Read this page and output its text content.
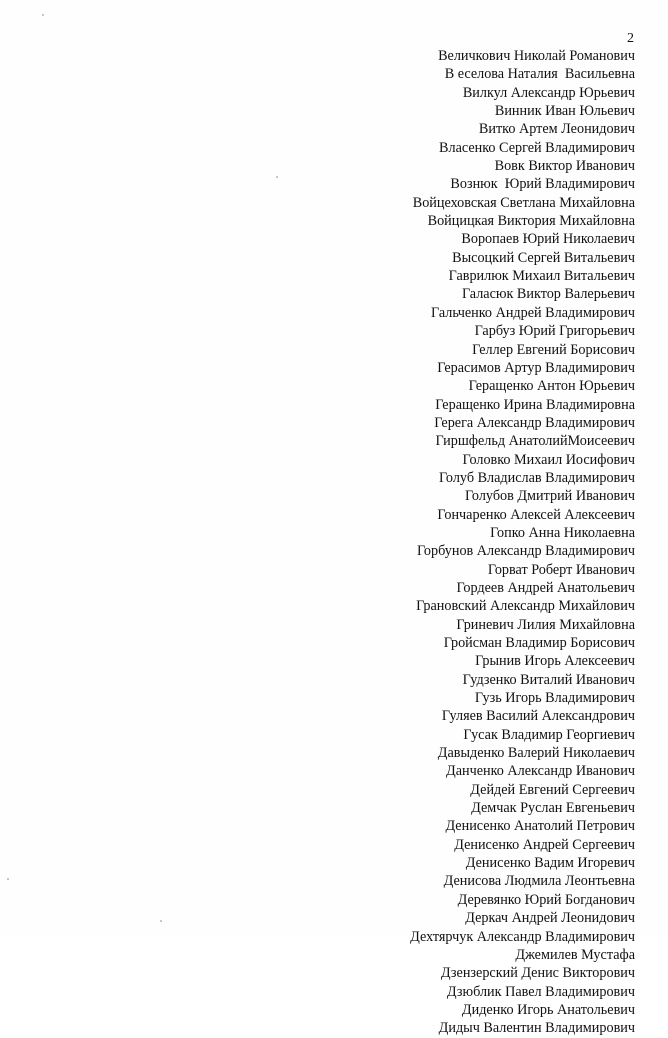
2
Величкович Николай Романович
В еселова Наталия  Васильевна
Вилкул Александр Юрьевич
Винник Иван Юльевич
Витко Артем Леонидович
Власенко Сергей Владимирович
Вовк Виктор Иванович
Вознюк  Юрий Владимирович
Войцеховская Светлана Михайловна
Войцицкая Виктория Михайловна
Воропаев Юрий Николаевич
Высоцкий Сергей Витальевич
Гаврилюк Михаил Витальевич
Галасюк Виктор Валерьевич
Гальченко Андрей Владимирович
Гарбуз Юрий Григорьевич
Геллер Евгений Борисович
Герасимов Артур Владимирович
Геращенко Антон Юрьевич
Геращенко Ирина Владимировна
Герега Александр Владимирович
Гиршфельд АнатолийМоисеевич
Головко Михаил Иосифович
Голуб Владислав Владимирович
Голубов Дмитрий Иванович
Гончаренко Алексей Алексеевич
Гопко Анна Николаевна
Горбунов Александр Владимирович
Горват Роберт Иванович
Гордеев Андрей Анатольевич
Грановский Александр Михайлович
Гриневич Лилия Михайловна
Гройсман Владимир Борисович
Грынив Игорь Алексеевич
Гудзенко Виталий Иванович
Гузь Игорь Владимирович
Гуляев Василий Александрович
Гусак Владимир Георгиевич
Давыденко Валерий Николаевич
Данченко Александр Иванович
Дейдей Евгений Сергеевич
Демчак Руслан Евгеньевич
Денисенко Анатолий Петрович
Денисенко Андрей Сергеевич
Денисенко Вадим Игоревич
Денисова Людмила Леонтьевна
Деревянко Юрий Богданович
Деркач Андрей Леонидович
Дехтярчук Александр Владимирович
Джемилев Мустафа
Дзензерский Денис Викторович
Дзюблик Павел Владимирович
Диденко Игорь Анатольевич
Дидыч Валентин Владимирович
